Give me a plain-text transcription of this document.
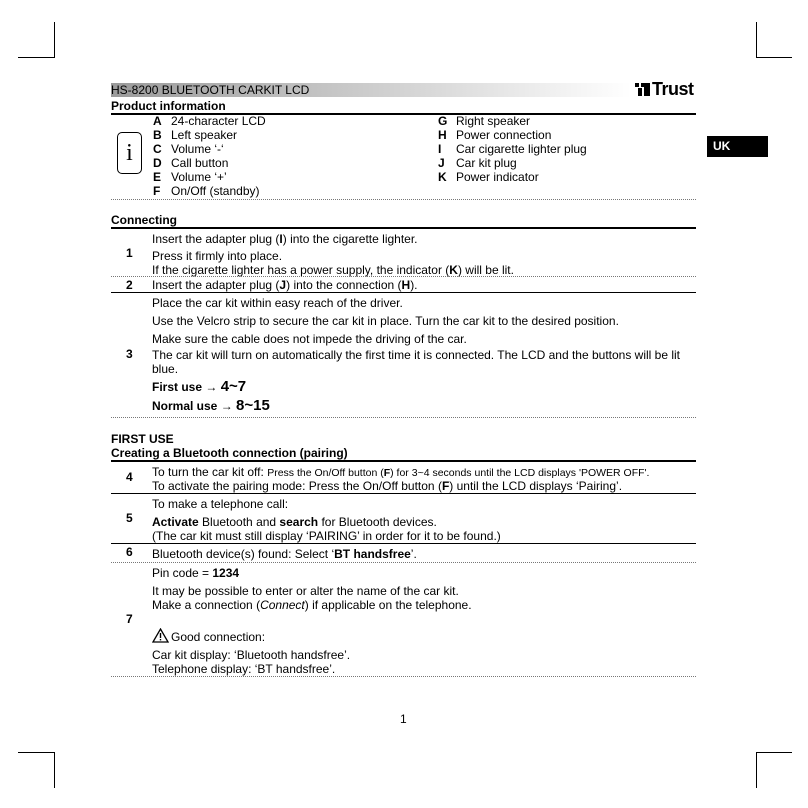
HS-8200 BLUETOOTH CARKIT LCD	Trust
UK
Product information
i
A 24-character LCD
B Left speaker
C Volume ‘-‘
D Call button
E Volume ‘+’
F On/Off (standby)
G Right speaker
H Power connection
I Car cigarette lighter plug
J Car kit plug
K Power indicator
Connecting
1
Insert the adapter plug (I) into the cigarette lighter.
Press it firmly into place.
If the cigarette lighter has a power supply, the indicator (K) will be lit.
2 Insert the adapter plug (J) into the connection (H).
Place the car kit within easy reach of the driver.
Use the Velcro strip to secure the car kit in place. Turn the car kit to the desired position.
Make sure the cable does not impede the driving of the car.
3 The car kit will turn on automatically the first time it is connected. The LCD and the buttons will be lit
blue.
First use → 4~7
Normal use → 8~15
FIRST USE
Creating a Bluetooth connection (pairing)
4 To turn the car kit off: Press the On/Off button (F) for 3~4 seconds until the LCD displays 'POWER OFF'.
To activate the pairing mode: Press the On/Off button (F) until the LCD displays ‘Pairing’.
To make a telephone call:
5 Activate Bluetooth and search for Bluetooth devices.
(The car kit must still display ‘PAIRING’ in order for it to be found.)
6 Bluetooth device(s) found: Select ‘BT handsfree’.
Pin code = 1234
It may be possible to enter or alter the name of the car kit.
Make a connection (Connect) if applicable on the telephone.
7
Good connection:
Car kit display: ‘Bluetooth handsfree’.
Telephone display: ‘BT handsfree’.
1
